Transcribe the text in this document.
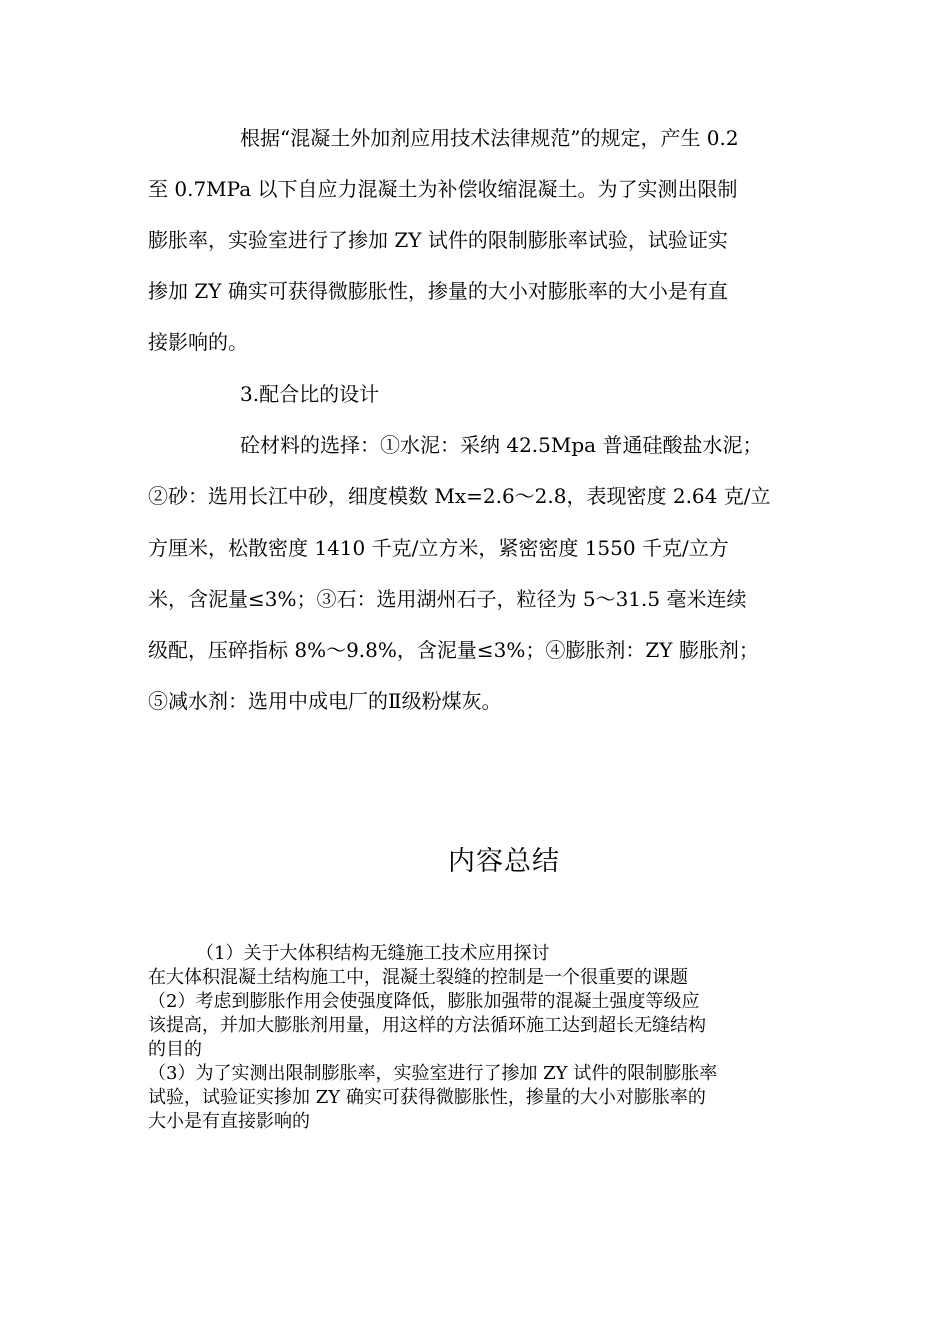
根据“混凝土外加剂应用技术法律规范”的规定，产生 0.2
至 0.7MPa 以下自应力混凝土为补偿收缩混凝土。为了实测出限制
膨胀率，实验室进行了掺加 ZY 试件的限制膨胀率试验，试验证实
掺加 ZY 确实可获得微膨胀性，掺量的大小对膨胀率的大小是有直
接影响的。
3.配合比的设计
砼材料的选择：①水泥：采纳 42.5Mpa 普通硅酸盐水泥；
②砂：选用长江中砂，细度模数 Mx=2.6～2.8，表现密度 2.64 克/立
方厘米，松散密度 1410 千克/立方米，紧密密度 1550 千克/立方
米，含泥量≤3%；③石：选用湖州石子，粒径为 5～31.5 毫米连续
级配，压碎指标 8%～9.8%，含泥量≤3%；④膨胀剂：ZY 膨胀剂；
⑤减水剂：选用中成电厂的Ⅱ级粉煤灰。
内容总结
（1）关于大体积结构无缝施工技术应用探讨
在大体积混凝土结构施工中，混凝土裂缝的控制是一个很重要的课题
（2）考虑到膨胀作用会使强度降低，膨胀加强带的混凝土强度等级应
该提高，并加大膨胀剂用量，用这样的方法循环施工达到超长无缝结构
的目的
（3）为了实测出限制膨胀率，实验室进行了掺加 ZY 试件的限制膨胀率
试验，试验证实掺加 ZY 确实可获得微膨胀性，掺量的大小对膨胀率的
大小是有直接影响的
